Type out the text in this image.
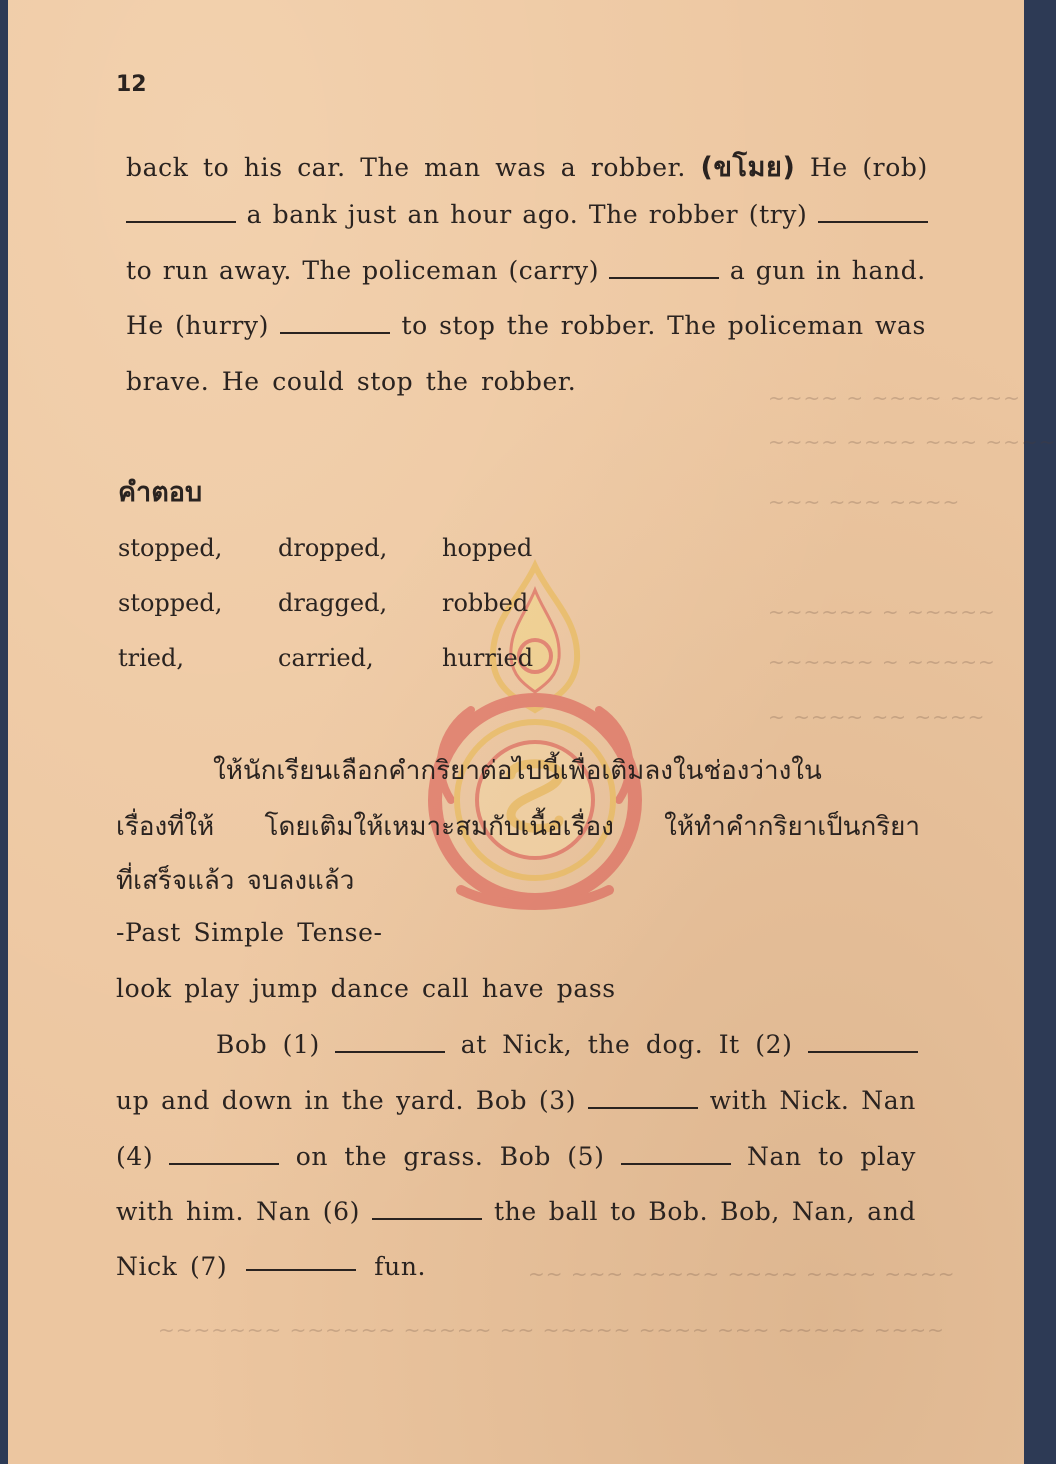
~~~~ ~ ~~~~ ~~~~
~~~~ ~~~~ ~~~ ~~~~
~~~ ~~~ ~~~~
~~~~~~ ~ ~~~~~
~~~~~~ ~ ~~~~~
~ ~~~~ ~~ ~~~~
~~ ~~~ ~~~~~ ~~~~ ~~~~ ~~~~
~~~~~~~ ~~~~~~ ~~~~~ ~~ ~~~~~ ~~~~ ~~~ ~~~~~ ~~~~
12
back to his car. The man was a robber. (ขโมย) He (rob)
a bank just an hour ago. The robber (try)
to run away. The policeman (carry)	a gun in hand.
He (hurry)	to stop the robber. The policeman was
brave. He could stop the robber.
คำตอบ
stopped, dropped, hopped
stopped, dragged, robbed
tried,	carried,	hurried
ให้นักเรียนเลือกคำกริยาต่อไปนี้เพื่อเติมลงในช่องว่างใน
เรื่องที่ให้ โดยเติมให้เหมาะสมกับเนื้อเรื่อง ให้ทำคำกริยาเป็นกริยา
ที่เสร็จแล้ว จบลงแล้ว
-Past Simple Tense-
look play jump dance call have pass
Bob (1)	at Nick, the dog. It (2)
up and down in the yard. Bob (3)	with Nick. Nan
(4)	on the grass. Bob (5)	Nan to play
with him. Nan (6)	the ball to Bob. Bob, Nan, and
Nick (7)	fun.
